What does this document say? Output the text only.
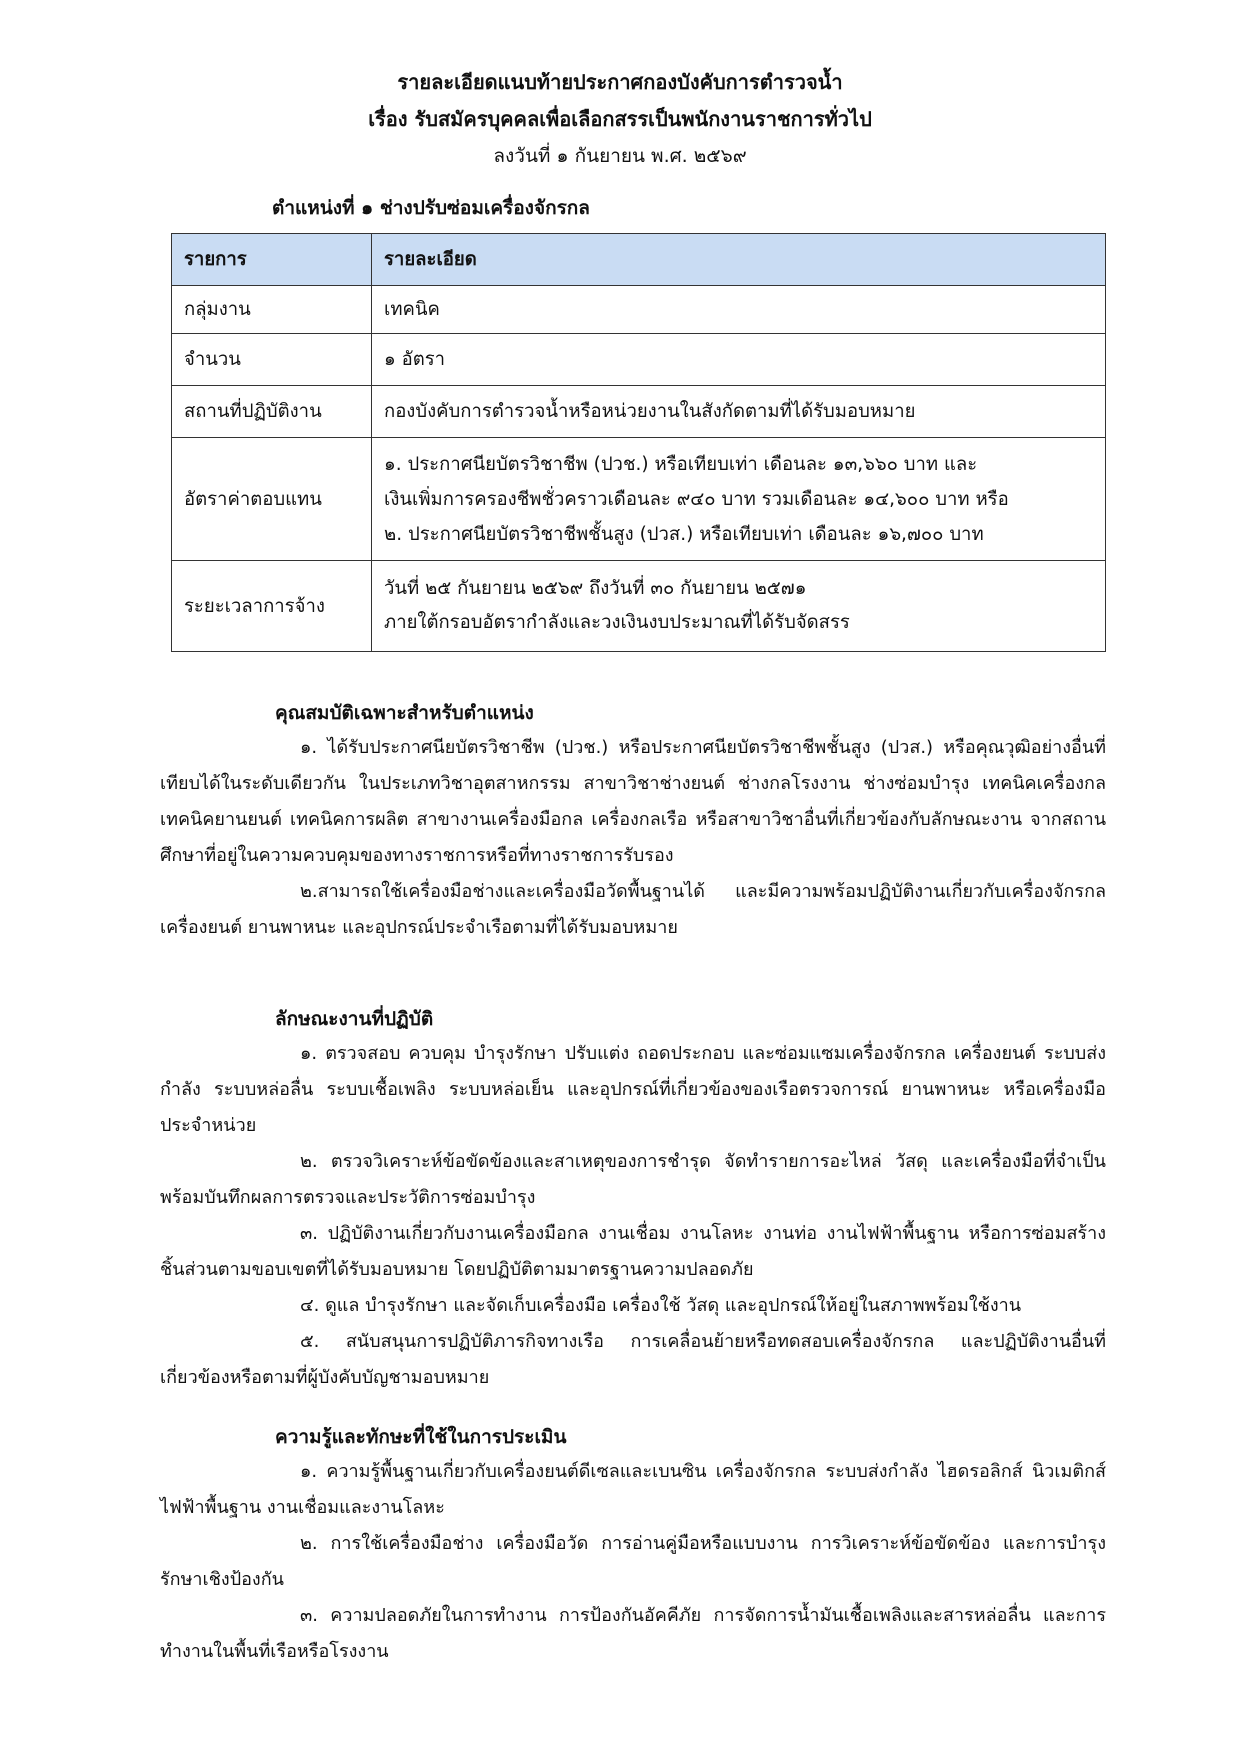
รายละเอียดแนบท้ายประกาศกองบังคับการตำรวจน้ำ
เรื่อง รับสมัครบุคคลเพื่อเลือกสรรเป็นพนักงานราชการทั่วไป
ลงวันที่ ๑ กันยายน พ.ศ. ๒๕๖๙
ตำแหน่งที่ ๑ ช่างปรับซ่อมเครื่องจักรกล
รายการ	รายละเอียด
กลุ่มงาน	เทคนิค

จำนวน	๑ อัตรา

สถานที่ปฏิบัติงาน	กองบังคับการตำรวจน้ำหรือหน่วยงานในสังกัดตามที่ได้รับมอบหมาย

อัตราค่าตอบแทน	๑. ประกาศนียบัตรวิชาชีพ (ปวช.) หรือเทียบเท่า เดือนละ ๑๓,๖๖๐ บาท และ
เงินเพิ่มการครองชีพชั่วคราวเดือนละ ๙๔๐ บาท รวมเดือนละ ๑๔,๖๐๐ บาท หรือ
๒. ประกาศนียบัตรวิชาชีพชั้นสูง (ปวส.) หรือเทียบเท่า เดือนละ ๑๖,๗๐๐ บาท

ระยะเวลาการจ้าง	วันที่ ๒๕ กันยายน ๒๕๖๙ ถึงวันที่ ๓๐ กันยายน ๒๕๗๑
ภายใต้กรอบอัตรากำลังและวงเงินงบประมาณที่ได้รับจัดสรร
คุณสมบัติเฉพาะสำหรับตำแหน่ง

๑. ได้รับประกาศนียบัตรวิชาชีพ (ปวช.) หรือประกาศนียบัตรวิชาชีพชั้นสูง (ปวส.) หรือคุณวุฒิอย่างอื่นที่เทียบได้ในระดับเดียวกัน ในประเภทวิชาอุตสาหกรรม สาขาวิชาช่างยนต์ ช่างกลโรงงาน ช่างซ่อมบำรุง เทคนิคเครื่องกล เทคนิคยานยนต์ เทคนิคการผลิต สาขางานเครื่องมือกล เครื่องกลเรือ หรือสาขาวิชาอื่นที่เกี่ยวข้องกับลักษณะงาน จากสถานศึกษาที่อยู่ในความควบคุมของทางราชการหรือที่ทางราชการรับรอง

๒.สามารถใช้เครื่องมือช่างและเครื่องมือวัดพื้นฐานได้ และมีความพร้อมปฏิบัติงานเกี่ยวกับเครื่องจักรกล เครื่องยนต์ ยานพาหนะ และอุปกรณ์ประจำเรือตามที่ได้รับมอบหมาย

ลักษณะงานที่ปฏิบัติ

๑. ตรวจสอบ ควบคุม บำรุงรักษา ปรับแต่ง ถอดประกอบ และซ่อมแซมเครื่องจักรกล เครื่องยนต์ ระบบส่งกำลัง ระบบหล่อลื่น ระบบเชื้อเพลิง ระบบหล่อเย็น และอุปกรณ์ที่เกี่ยวข้องของเรือตรวจการณ์ ยานพาหนะ หรือเครื่องมือประจำหน่วย

๒. ตรวจวิเคราะห์ข้อขัดข้องและสาเหตุของการชำรุด จัดทำรายการอะไหล่ วัสดุ และเครื่องมือที่จำเป็น พร้อมบันทึกผลการตรวจและประวัติการซ่อมบำรุง

๓. ปฏิบัติงานเกี่ยวกับงานเครื่องมือกล งานเชื่อม งานโลหะ งานท่อ งานไฟฟ้าพื้นฐาน หรือการซ่อมสร้างชิ้นส่วนตามขอบเขตที่ได้รับมอบหมาย โดยปฏิบัติตามมาตรฐานความปลอดภัย

๔. ดูแล บำรุงรักษา และจัดเก็บเครื่องมือ เครื่องใช้ วัสดุ และอุปกรณ์ให้อยู่ในสภาพพร้อมใช้งาน

๕. สนับสนุนการปฏิบัติภารกิจทางเรือ การเคลื่อนย้ายหรือทดสอบเครื่องจักรกล และปฏิบัติงานอื่นที่เกี่ยวข้องหรือตามที่ผู้บังคับบัญชามอบหมาย

ความรู้และทักษะที่ใช้ในการประเมิน

๑. ความรู้พื้นฐานเกี่ยวกับเครื่องยนต์ดีเซลและเบนซิน เครื่องจักรกล ระบบส่งกำลัง ไฮดรอลิกส์ นิวเมติกส์ ไฟฟ้าพื้นฐาน งานเชื่อมและงานโลหะ

๒. การใช้เครื่องมือช่าง เครื่องมือวัด การอ่านคู่มือหรือแบบงาน การวิเคราะห์ข้อขัดข้อง และการบำรุงรักษาเชิงป้องกัน

๓. ความปลอดภัยในการทำงาน การป้องกันอัคคีภัย การจัดการน้ำมันเชื้อเพลิงและสารหล่อลื่น และการทำงานในพื้นที่เรือหรือโรงงาน
